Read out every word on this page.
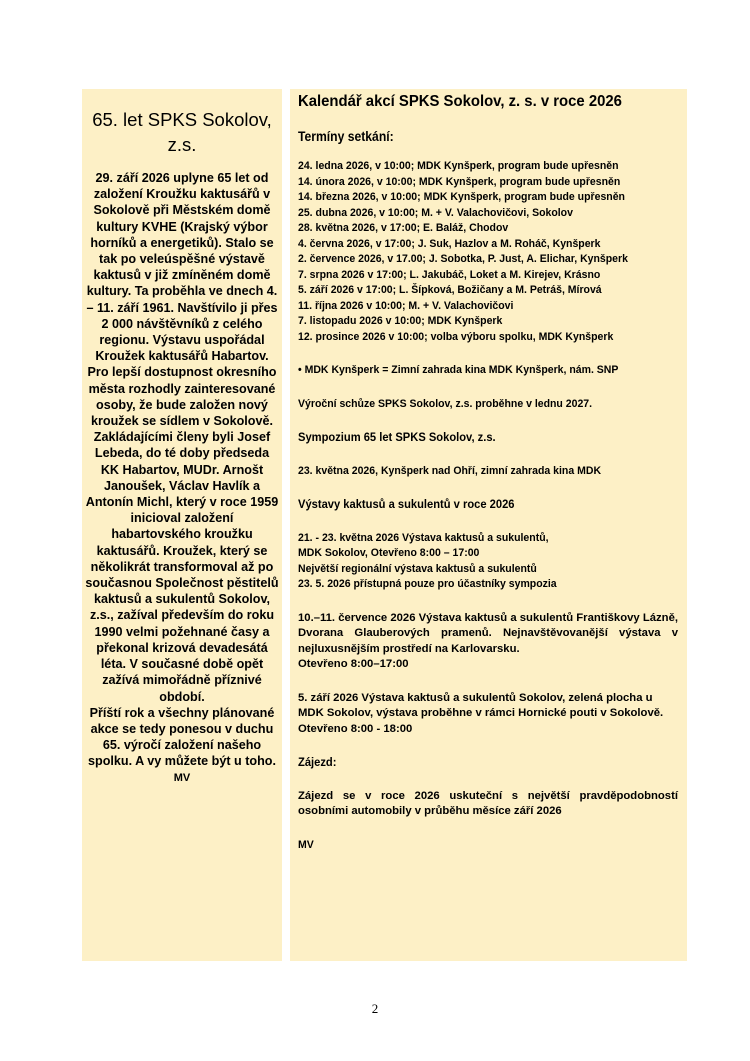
65. let SPKS Sokolov,
z.s.
29. září 2026 uplyne 65 let od založení Kroužku kaktusářů v Sokolově při Městském domě kultury KVHE (Krajský výbor horníků a energetiků). Stalo se tak po veleúspěšné výstavě kaktusů v již zmíněném domě kultury. Ta proběhla ve dnech 4. – 11. září 1961. Navštívilo ji přes 2 000 návštěvníků z celého regionu. Výstavu uspořádal Kroužek kaktusářů Habartov. Pro lepší dostupnost okresního města rozhodly zainteresované osoby, že bude založen nový kroužek se sídlem v Sokolově. Zakládajícími členy byli Josef Lebeda, do té doby předseda KK Habartov, MUDr. Arnošt Janoušek, Václav Havlík a Antonín Michl, který v roce 1959 inicioval založení habartovského kroužku kaktusářů. Kroužek, který se několikrát transformoval až po současnou Společnost pěstitelů kaktusů a sukulentů Sokolov, z.s., zažíval především do roku 1990 velmi požehnané časy a překonal krizová devadesátá léta. V současné době opět zažívá mimořádně příznivé období.
Příští rok a všechny plánované akce se tedy ponesou v duchu 65. výročí založení našeho spolku. A vy můžete být u toho.
MV
Kalendář akcí SPKS Sokolov, z. s. v roce 2026
Termíny setkání:
24. ledna 2026, v 10:00; MDK Kynšperk, program bude upřesněn
14. února 2026, v 10:00; MDK Kynšperk, program bude upřesněn
14. března 2026, v 10:00; MDK Kynšperk, program bude upřesněn
25. dubna 2026, v 10:00; M. + V. Valachovičovi, Sokolov
28. května 2026, v 17:00; E. Baláž, Chodov
4. června 2026, v 17:00; J. Suk, Hazlov a M. Roháč, Kynšperk
2. července 2026, v 17.00; J. Sobotka, P. Just, A. Elichar, Kynšperk
7. srpna 2026 v 17:00; L. Jakubáč, Loket a M. Kirejev, Krásno
5. září 2026 v 17:00; L. Šípková, Božičany a M. Petráš, Mírová
11. října 2026 v 10:00; M. + V. Valachovičovi
7. listopadu 2026 v 10:00; MDK Kynšperk
12. prosince 2026 v 10:00; volba výboru spolku, MDK Kynšperk
• MDK Kynšperk = Zimní zahrada kina MDK Kynšperk, nám. SNP
Výroční schůze SPKS Sokolov, z.s. proběhne v lednu 2027.
Sympozium 65 let SPKS Sokolov, z.s.
23. května 2026, Kynšperk nad Ohří, zimní zahrada kina MDK
Výstavy kaktusů a sukulentů v roce 2026
21. - 23. května 2026 Výstava kaktusů a sukulentů,
MDK Sokolov, Otevřeno 8:00 – 17:00
Největší regionální výstava kaktusů a sukulentů
23. 5. 2026 přístupná pouze pro účastníky sympozia
10.–11. července 2026 Výstava kaktusů a sukulentů Františkovy Lázně, Dvorana Glauberových pramenů. Nejnavštěvovanější výstava v nejluxusnějším prostředí na Karlovarsku.
Otevřeno 8:00–17:00
5. září 2026 Výstava kaktusů a sukulentů Sokolov, zelená plocha u MDK Sokolov, výstava proběhne v rámci Hornické pouti v Sokolově.
Otevřeno 8:00 - 18:00
Zájezd:
Zájezd se v roce 2026 uskuteční s největší pravděpodobností osobními automobily v průběhu měsíce září 2026
MV
2
